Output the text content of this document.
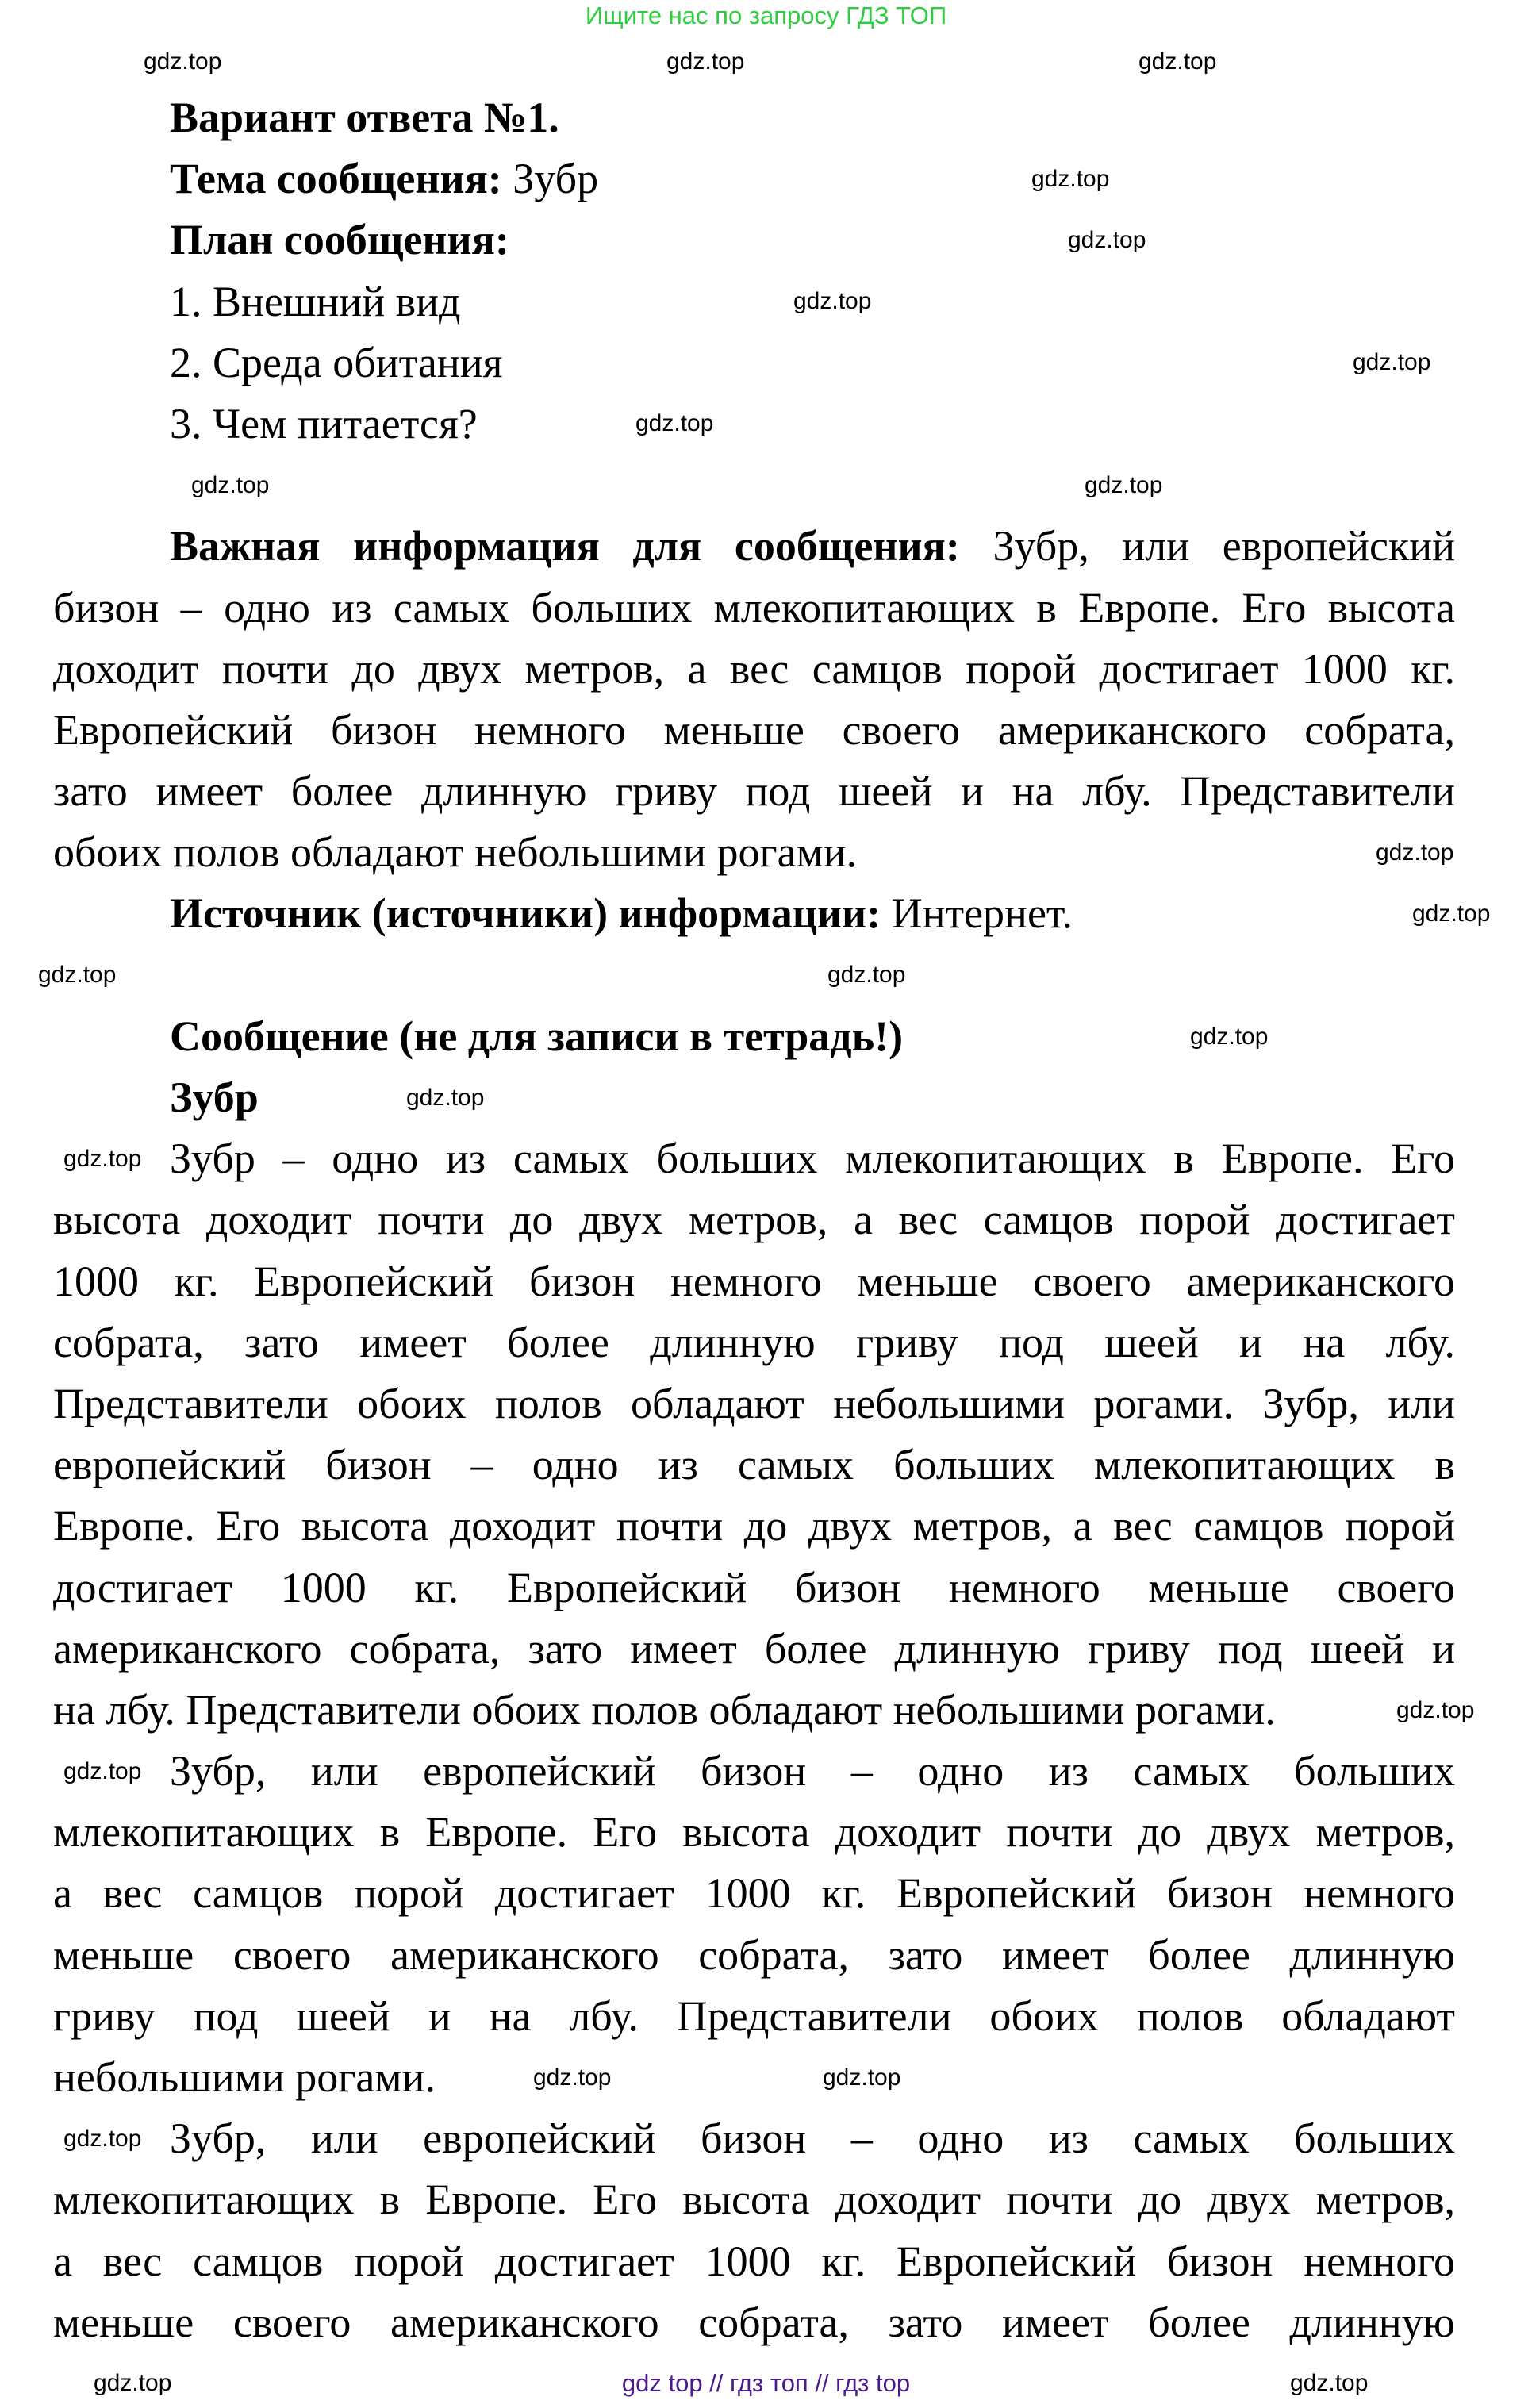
Ищите нас по запросу ГДЗ ТОП
Вариант ответа №1.
Тема сообщения: Зубр
План сообщения:
1. Внешний вид
2. Среда обитания
3. Чем питается?
Важная информация для сообщения: Зубр, или европейский
бизон – одно из самых больших млекопитающих в Европе. Его высота
доходит почти до двух метров, а вес самцов порой достигает 1000 кг.
Европейский бизон немного меньше своего американского собрата,
зато имеет более длинную гриву под шеей и на лбу. Представители
обоих полов обладают небольшими рогами.
Источник (источники) информации: Интернет.
Сообщение (не для записи в тетрадь!)
Зубр
Зубр – одно из самых больших млекопитающих в Европе. Его
высота доходит почти до двух метров, а вес самцов порой достигает
1000 кг. Европейский бизон немного меньше своего американского
собрата, зато имеет более длинную гриву под шеей и на лбу.
Представители обоих полов обладают небольшими рогами. Зубр, или
европейский бизон – одно из самых больших млекопитающих в
Европе. Его высота доходит почти до двух метров, а вес самцов порой
достигает 1000 кг. Европейский бизон немного меньше своего
американского собрата, зато имеет более длинную гриву под шеей и
на лбу. Представители обоих полов обладают небольшими рогами.
Зубр, или европейский бизон – одно из самых больших
млекопитающих в Европе. Его высота доходит почти до двух метров,
а вес самцов порой достигает 1000 кг. Европейский бизон немного
меньше своего американского собрата, зато имеет более длинную
гриву под шеей и на лбу. Представители обоих полов обладают
небольшими рогами.
Зубр, или европейский бизон – одно из самых больших
млекопитающих в Европе. Его высота доходит почти до двух метров,
а вес самцов порой достигает 1000 кг. Европейский бизон немного
меньше своего американского собрата, зато имеет более длинную
gdz.top	gdz.top	gdz.top
gdz.top
gdz.top
gdz.top
gdz.top
gdz.top
gdz.top
gdz.top
gdz.top
gdz.top
gdz.top
gdz.top
gdz.top
gdz.top
gdz.top
gdz.top
gdz.top
gdz.top	gdz.top
gdz.top
gdz.top	gdz.top
gdz top // гдз топ // гдз top
